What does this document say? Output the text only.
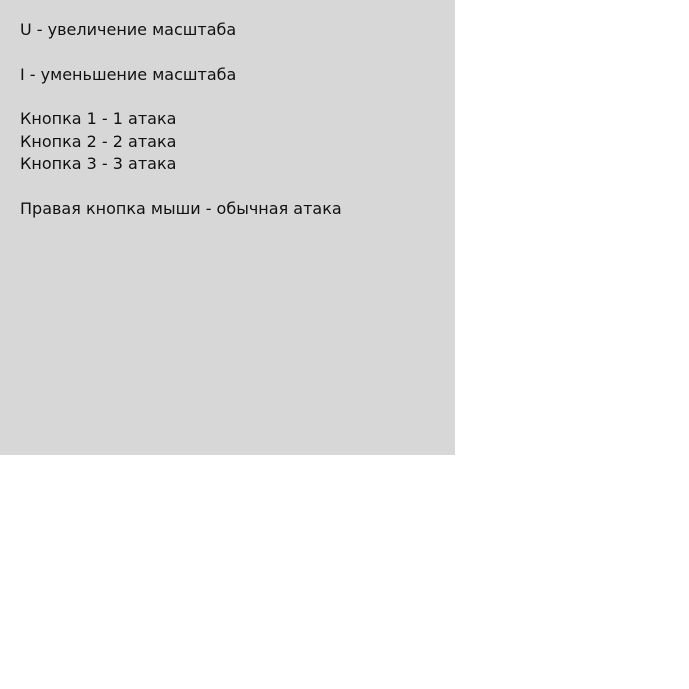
U - увеличение масштаба

I - уменьшение масштаба

Кнопка 1 - 1 атака

Кнопка 2 - 2 атака

Кнопка 3 - 3 атака

Правая кнопка мыши - обычная атака
